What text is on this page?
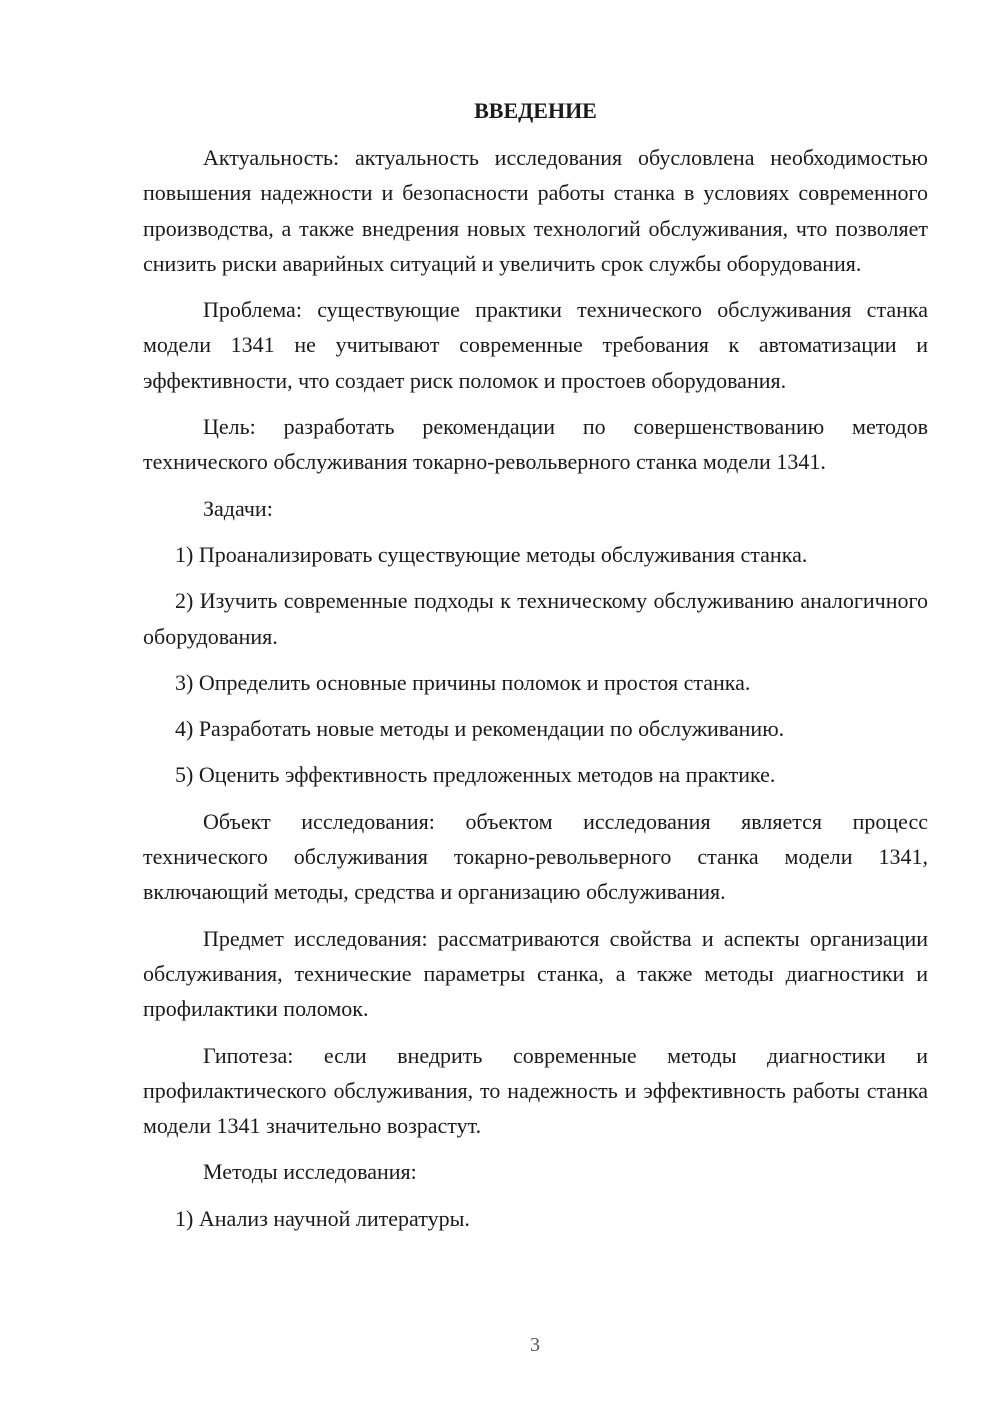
ВВЕДЕНИЕ

Актуальность: актуальность исследования обусловлена необходимостью повышения надежности и безопасности работы станка в условиях современного производства, а также внедрения новых технологий обслуживания, что позволяет снизить риски аварийных ситуаций и увеличить срок службы оборудования.

Проблема: существующие практики технического обслуживания станка модели 1341 не учитывают современные требования к автоматизации и эффективности, что создает риск поломок и простоев оборудования.

Цель: разработать рекомендации по совершенствованию методов технического обслуживания токарно-револьверного станка модели 1341.

Задачи:

1) Проанализировать существующие методы обслуживания станка.

2) Изучить современные подходы к техническому обслуживанию аналогичного оборудования.

3) Определить основные причины поломок и простоя станка.

4) Разработать новые методы и рекомендации по обслуживанию.

5) Оценить эффективность предложенных методов на практике.

Объект исследования: объектом исследования является процесс технического обслуживания токарно-револьверного станка модели 1341, включающий методы, средства и организацию обслуживания.

Предмет исследования: рассматриваются свойства и аспекты организации обслуживания, технические параметры станка, а также методы диагностики и профилактики поломок.

Гипотеза: если внедрить современные методы диагностики и профилактического обслуживания, то надежность и эффективность работы станка модели 1341 значительно возрастут.

Методы исследования:

1) Анализ научной литературы.

3
